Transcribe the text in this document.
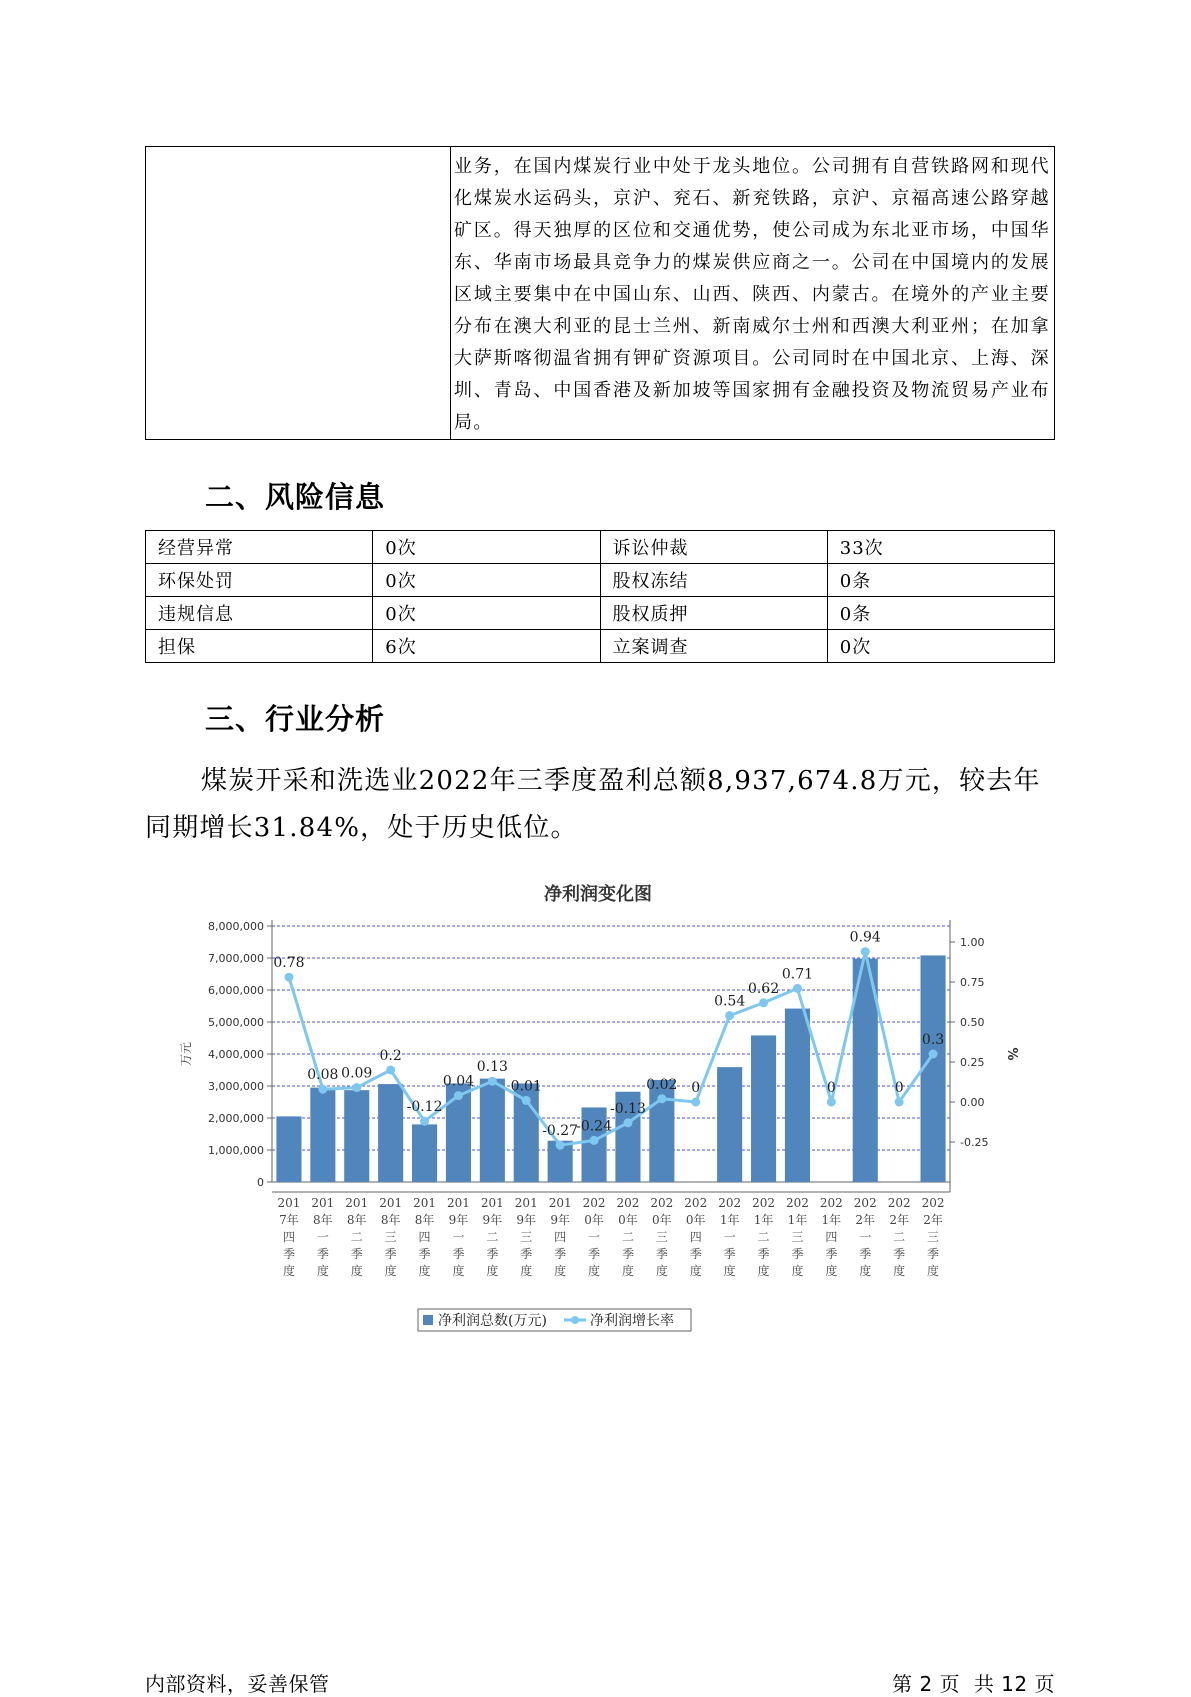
业务，在国内煤炭行业中处于龙头地位。公司拥有自营铁路网和现代化煤炭水运码头，京沪、兖石、新兖铁路，京沪、京福高速公路穿越矿区。得天独厚的区位和交通优势，使公司成为东北亚市场，中国华东、华南市场最具竞争力的煤炭供应商之一。公司在中国境内的发展区域主要集中在中国山东、山西、陕西、内蒙古。在境外的产业主要分布在澳大利亚的昆士兰州、新南威尔士州和西澳大利亚州；在加拿大萨斯喀彻温省拥有钾矿资源项目。公司同时在中国北京、上海、深圳、青岛、中国香港及新加坡等国家拥有金融投资及物流贸易产业布局。
二、风险信息
经营异常	0次	诉讼仲裁	33次
环保处罚	0次	股权冻结	0条
违规信息	0次	股权质押	0条
担保	6次	立案调查	0次
三、行业分析

煤炭开采和洗选业2022年三季度盈利总额8,937,674.8万元，较去年同期增长31.84%，处于历史低位。

净利润变化图
0
1,000,000
2,000,000
3,000,000
4,000,000
5,000,000
6,000,000
7,000,000
8,000,000
-0.25
0.00
0.25
0.50
0.75
1.00
万元	%
0.78
0.08 0.09
0.2
-0.12
0.04
0.13
0.01
-0.27
-0.24
-0.13
0.02 0
0.54
0.62
0.71
0
0.94
0
0.3
201 7年四季度
201 8年一季度
201 8年二季度
201 8年三季度
201 8年四季度
201 9年一季度
201 9年二季度
201 9年三季度
201 9年四季度
202 0年一季度
202 0年二季度
202 0年三季度
202 0年四季度
202 1年一季度
202 1年二季度
202 1年三季度
202 1年四季度
202 2年一季度
202 2年二季度
202 2年三季度
净利润总数(万元)	净利润增长率
内部资料，妥善保管	第 2 页  共 12 页
